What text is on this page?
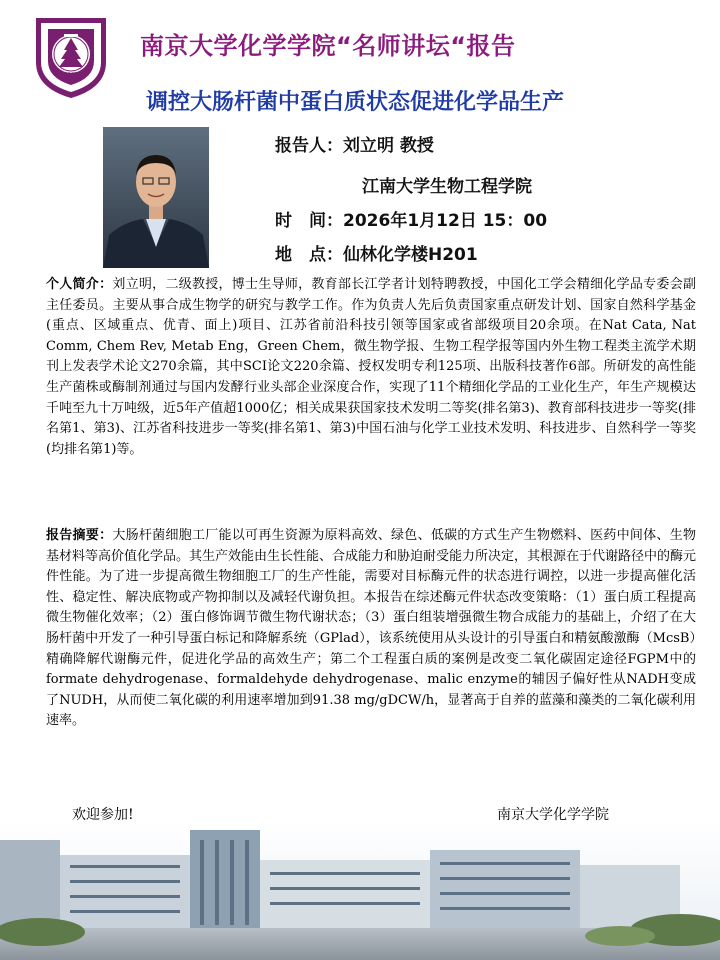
1902
南京大学化学学院“名师讲坛“报告
调控大肠杆菌中蛋白质状态促进化学品生产
报告人：刘立明 教授
江南大学生物工程学院
时　间：2026年1月12日 15：00
地　点：仙林化学楼H201
个人简介：刘立明，二级教授，博士生导师，教育部长江学者计划特聘教授，中国化工学会精细化学品专委会副主任委员。主要从事合成生物学的研究与教学工作。作为负责人先后负责国家重点研发计划、国家自然科学基金(重点、区域重点、优青、面上)项目、江苏省前沿科技引领等国家或省部级项目20余项。在Nat Cata, Nat Comm, Chem Rev, Metab Eng，Green Chem，微生物学报、生物工程学报等国内外生物工程类主流学术期刊上发表学术论文270余篇，其中SCI论文220余篇、授权发明专利125项、出版科技著作6部。所研发的高性能生产菌株或酶制剂通过与国内发酵行业头部企业深度合作，实现了11个精细化学品的工业化生产，年生产规模达千吨至九十万吨级，近5年产值超1000亿；相关成果获国家技术发明二等奖(排名第3)、教育部科技进步一等奖(排名第1、第3)、江苏省科技进步一等奖(排名第1、第3)中国石油与化学工业技术发明、科技进步、自然科学一等奖(均排名第1)等。
报告摘要：大肠杆菌细胞工厂能以可再生资源为原料高效、绿色、低碳的方式生产生物燃料、医药中间体、生物基材料等高价值化学品。其生产效能由生长性能、合成能力和胁迫耐受能力所决定，其根源在于代谢路径中的酶元件性能。为了进一步提高微生物细胞工厂的生产性能，需要对目标酶元件的状态进行调控，以进一步提高催化活性、稳定性、解决底物或产物抑制以及减轻代谢负担。本报告在综述酶元件状态改变策略：（1）蛋白质工程提高微生物催化效率；（2）蛋白修饰调节微生物代谢状态；（3）蛋白组装增强微生物合成能力的基础上，介绍了在大肠杆菌中开发了一种引导蛋白标记和降解系统（GPlad），该系统使用从头设计的引导蛋白和精氨酸激酶（McsB）精确降解代谢酶元件，促进化学品的高效生产；第二个工程蛋白质的案例是改变二氧化碳固定途径FGPM中的formate dehydrogenase、formaldehyde dehydrogenase、malic enzyme的辅因子偏好性从NADH变成了NUDH，从而使二氧化碳的利用速率增加到91.38 mg/gDCW/h，显著高于自养的蓝藻和藻类的二氧化碳利用速率。
欢迎参加!	南京大学化学学院
